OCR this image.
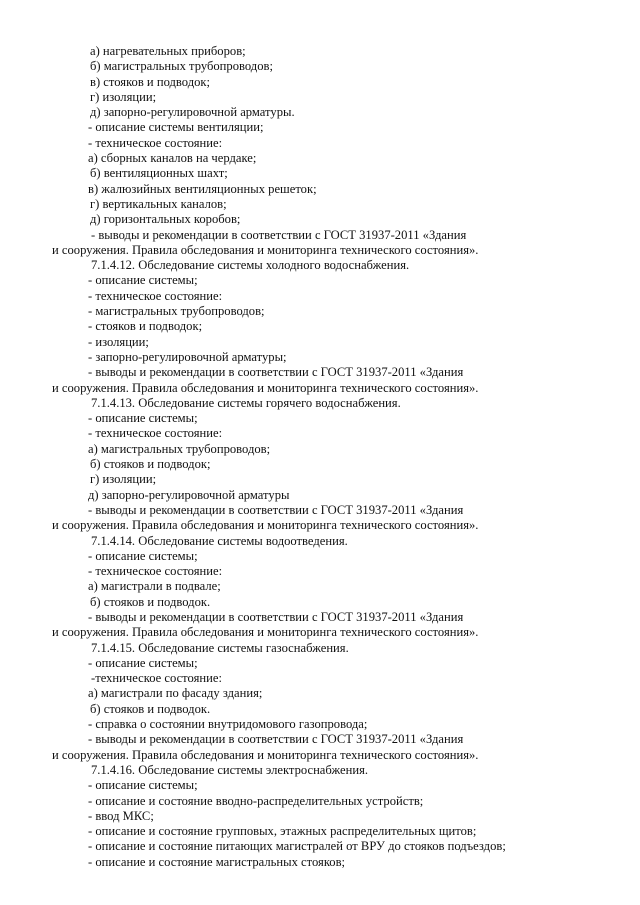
а) нагревательных приборов;
б) магистральных трубопроводов;
в) стояков и подводок;
г) изоляции;
д) запорно-регулировочной арматуры.
- описание системы вентиляции;
- техническое состояние:
а) сборных каналов на чердаке;
б) вентиляционных шахт;
в) жалюзийных вентиляционных решеток;
г) вертикальных каналов;
д) горизонтальных коробов;
- выводы и рекомендации в соответствии с ГОСТ 31937-2011 «Здания
и сооружения. Правила обследования и мониторинга технического состояния».
7.1.4.12. Обследование системы холодного водоснабжения.
- описание системы;
- техническое состояние:
- магистральных трубопроводов;
- стояков и подводок;
- изоляции;
- запорно-регулировочной арматуры;
- выводы и рекомендации в соответствии с ГОСТ 31937-2011 «Здания
и сооружения. Правила обследования и мониторинга технического состояния».
7.1.4.13. Обследование системы горячего водоснабжения.
- описание системы;
- техническое состояние:
а) магистральных трубопроводов;
б) стояков и подводок;
г) изоляции;
д) запорно-регулировочной арматуры
- выводы и рекомендации в соответствии с ГОСТ 31937-2011 «Здания
и сооружения. Правила обследования и мониторинга технического состояния».
7.1.4.14. Обследование системы водоотведения.
- описание системы;
- техническое состояние:
а) магистрали в подвале;
б) стояков и подводок.
- выводы и рекомендации в соответствии с ГОСТ 31937-2011 «Здания
и сооружения. Правила обследования и мониторинга технического состояния».
7.1.4.15. Обследование системы газоснабжения.
- описание системы;
-техническое состояние:
а) магистрали по фасаду здания;
б) стояков и подводок.
- справка о состоянии внутридомового газопровода;
- выводы и рекомендации в соответствии с ГОСТ 31937-2011 «Здания
и сооружения. Правила обследования и мониторинга технического состояния».
7.1.4.16. Обследование системы электроснабжения.
- описание системы;
- описание и состояние вводно-распределительных устройств;
- ввод МКС;
- описание и состояние групповых, этажных распределительных щитов;
- описание и состояние питающих магистралей от ВРУ до стояков подъездов;
- описание и состояние магистральных стояков;
